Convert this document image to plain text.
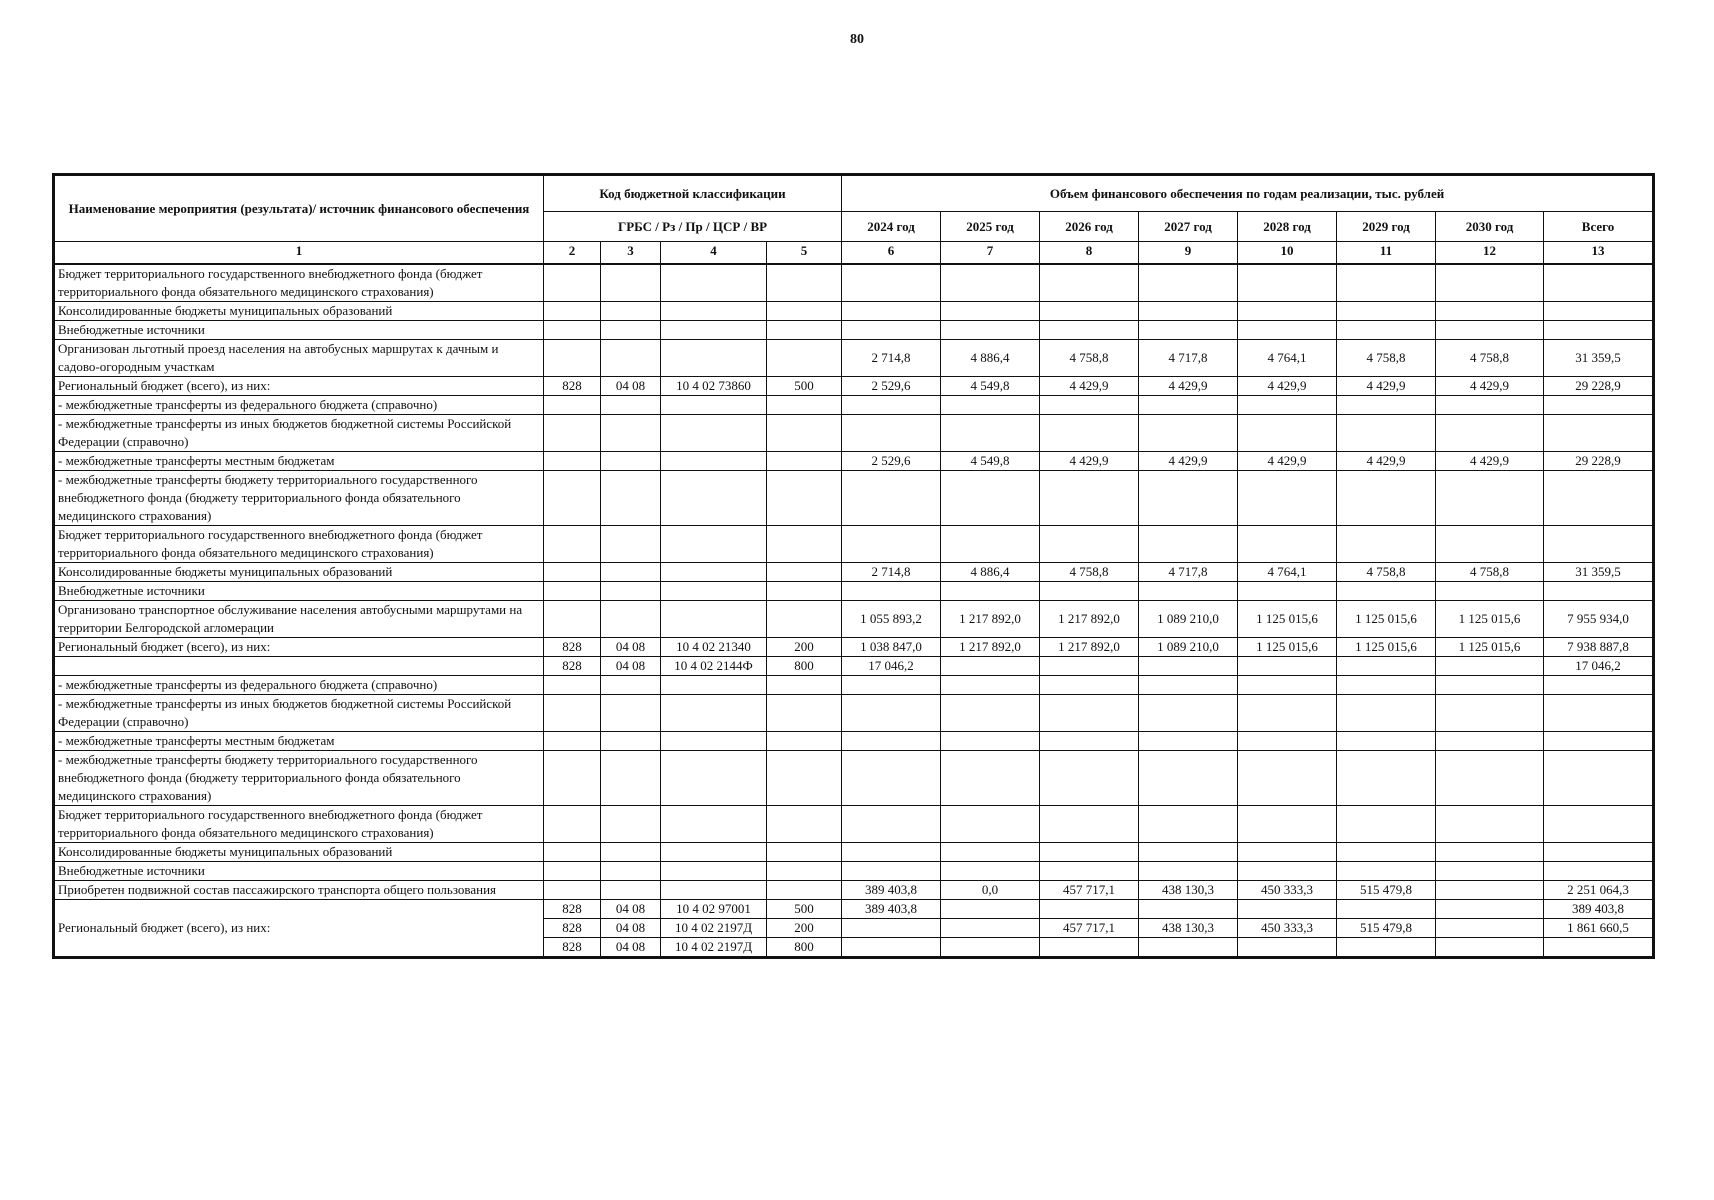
80
Наименование мероприятия (результата)/ источник финансового обеспечения	Код бюджетной классификации				Объем финансового обеспечения по годам реализации, тыс. рублей							
	ГРБС / Рз / Пр / ЦСР / ВР				2024 год	2025 год	2026 год	2027 год	2028 год	2029 год	2030 год	Всего
1	2	3	4	5	6	7	8	9	10	11	12	13
Бюджет территориального государственного внебюджетного фонда (бюджет территориального фонда обязательного медицинского страхования)												
Консолидированные бюджеты муниципальных образований												
Внебюджетные источники												
Организован льготный проезд населения на автобусных маршрутах к дачным и садово-огородным участкам					2 714,8	4 886,4	4 758,8	4 717,8	4 764,1	4 758,8	4 758,8	31 359,5
Региональный бюджет (всего), из них:	828	04 08	10 4 02 73860	500	2 529,6	4 549,8	4 429,9	4 429,9	4 429,9	4 429,9	4 429,9	29 228,9
- межбюджетные трансферты из федерального бюджета (справочно)												
- межбюджетные трансферты из иных бюджетов бюджетной системы Российской Федерации (справочно)												
- межбюджетные трансферты местным бюджетам					2 529,6	4 549,8	4 429,9	4 429,9	4 429,9	4 429,9	4 429,9	29 228,9
- межбюджетные трансферты бюджету территориального государственного внебюджетного фонда (бюджету территориального фонда обязательного медицинского страхования)												
Бюджет территориального государственного внебюджетного фонда (бюджет территориального фонда обязательного медицинского страхования)												
Консолидированные бюджеты муниципальных образований					2 714,8	4 886,4	4 758,8	4 717,8	4 764,1	4 758,8	4 758,8	31 359,5
Внебюджетные источники												
Организовано транспортное обслуживание населения автобусными маршрутами на территории Белгородской агломерации					1 055 893,2	1 217 892,0	1 217 892,0	1 089 210,0	1 125 015,6	1 125 015,6	1 125 015,6	7 955 934,0
Региональный бюджет (всего), из них:	828	04 08	10 4 02 21340	200	1 038 847,0	1 217 892,0	1 217 892,0	1 089 210,0	1 125 015,6	1 125 015,6	1 125 015,6	7 938 887,8
	828	04 08	10 4 02 2144Ф	800	17 046,2							17 046,2
- межбюджетные трансферты из федерального бюджета (справочно)												
- межбюджетные трансферты из иных бюджетов бюджетной системы Российской Федерации (справочно)												
- межбюджетные трансферты местным бюджетам												
- межбюджетные трансферты бюджету территориального государственного внебюджетного фонда (бюджету территориального фонда обязательного медицинского страхования)												
Бюджет территориального государственного внебюджетного фонда (бюджет территориального фонда обязательного медицинского страхования)												
Консолидированные бюджеты муниципальных образований												
Внебюджетные источники												
Приобретен подвижной состав пассажирского транспорта общего пользования					389 403,8	0,0	457 717,1	438 130,3	450 333,3	515 479,8		2 251 064,3
Региональный бюджет (всего), из них:	828	04 08	10 4 02 97001	500	389 403,8							389 403,8
	828	04 08	10 4 02 2197Д	200			457 717,1	438 130,3	450 333,3	515 479,8		1 861 660,5
	828	04 08	10 4 02 2197Д	800								
